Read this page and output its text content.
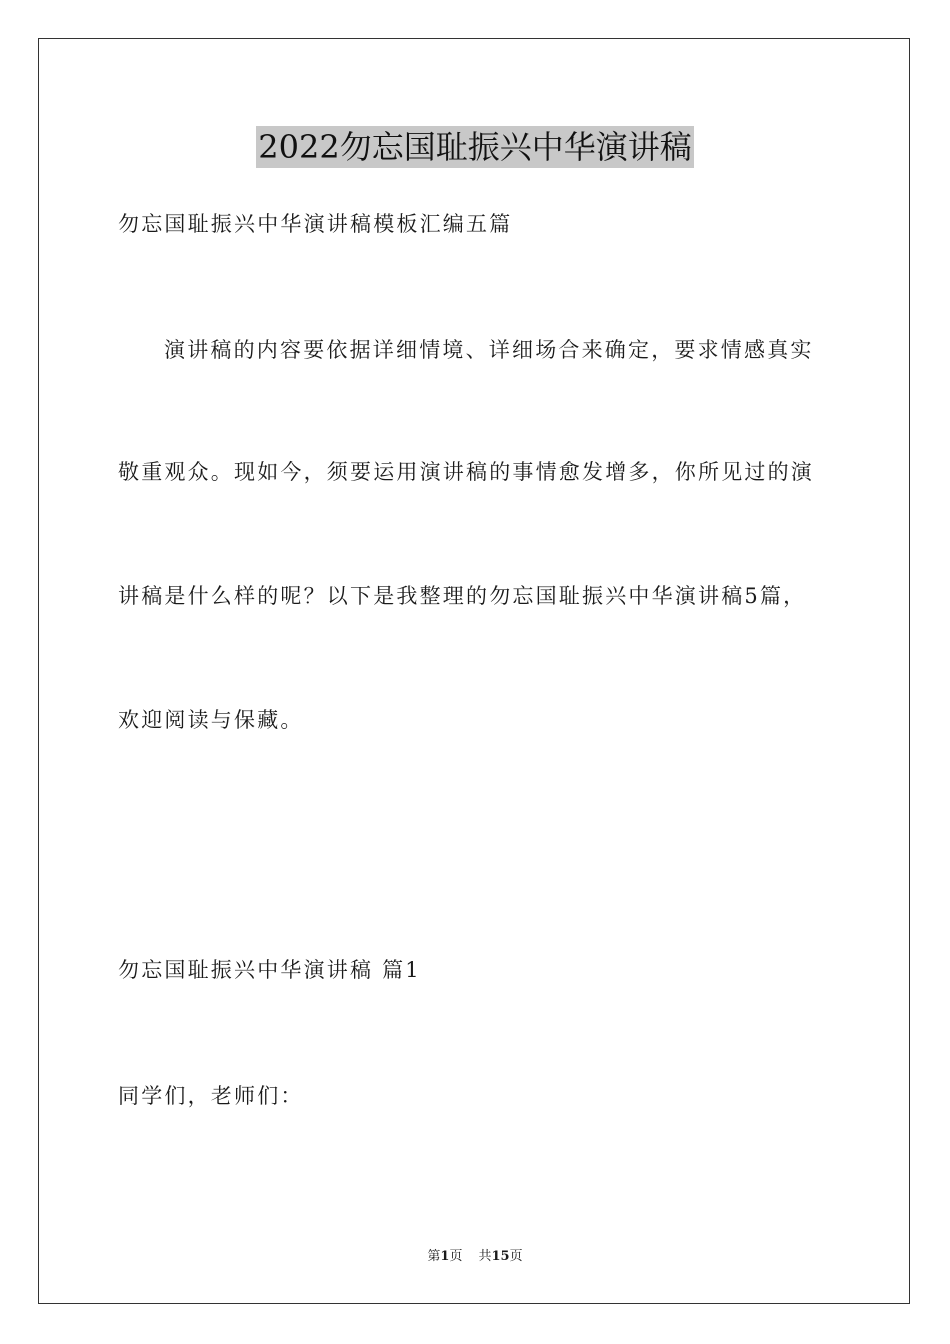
2022勿忘国耻振兴中华演讲稿
勿忘国耻振兴中华演讲稿模板汇编五篇
演讲稿的内容要依据详细情境、详细场合来确定，要求情感真实
敬重观众。现如今，须要运用演讲稿的事情愈发增多，你所见过的演
讲稿是什么样的呢？以下是我整理的勿忘国耻振兴中华演讲稿5篇，
欢迎阅读与保藏。
勿忘国耻振兴中华演讲稿 篇1
同学们，老师们：
第1页 共15页
